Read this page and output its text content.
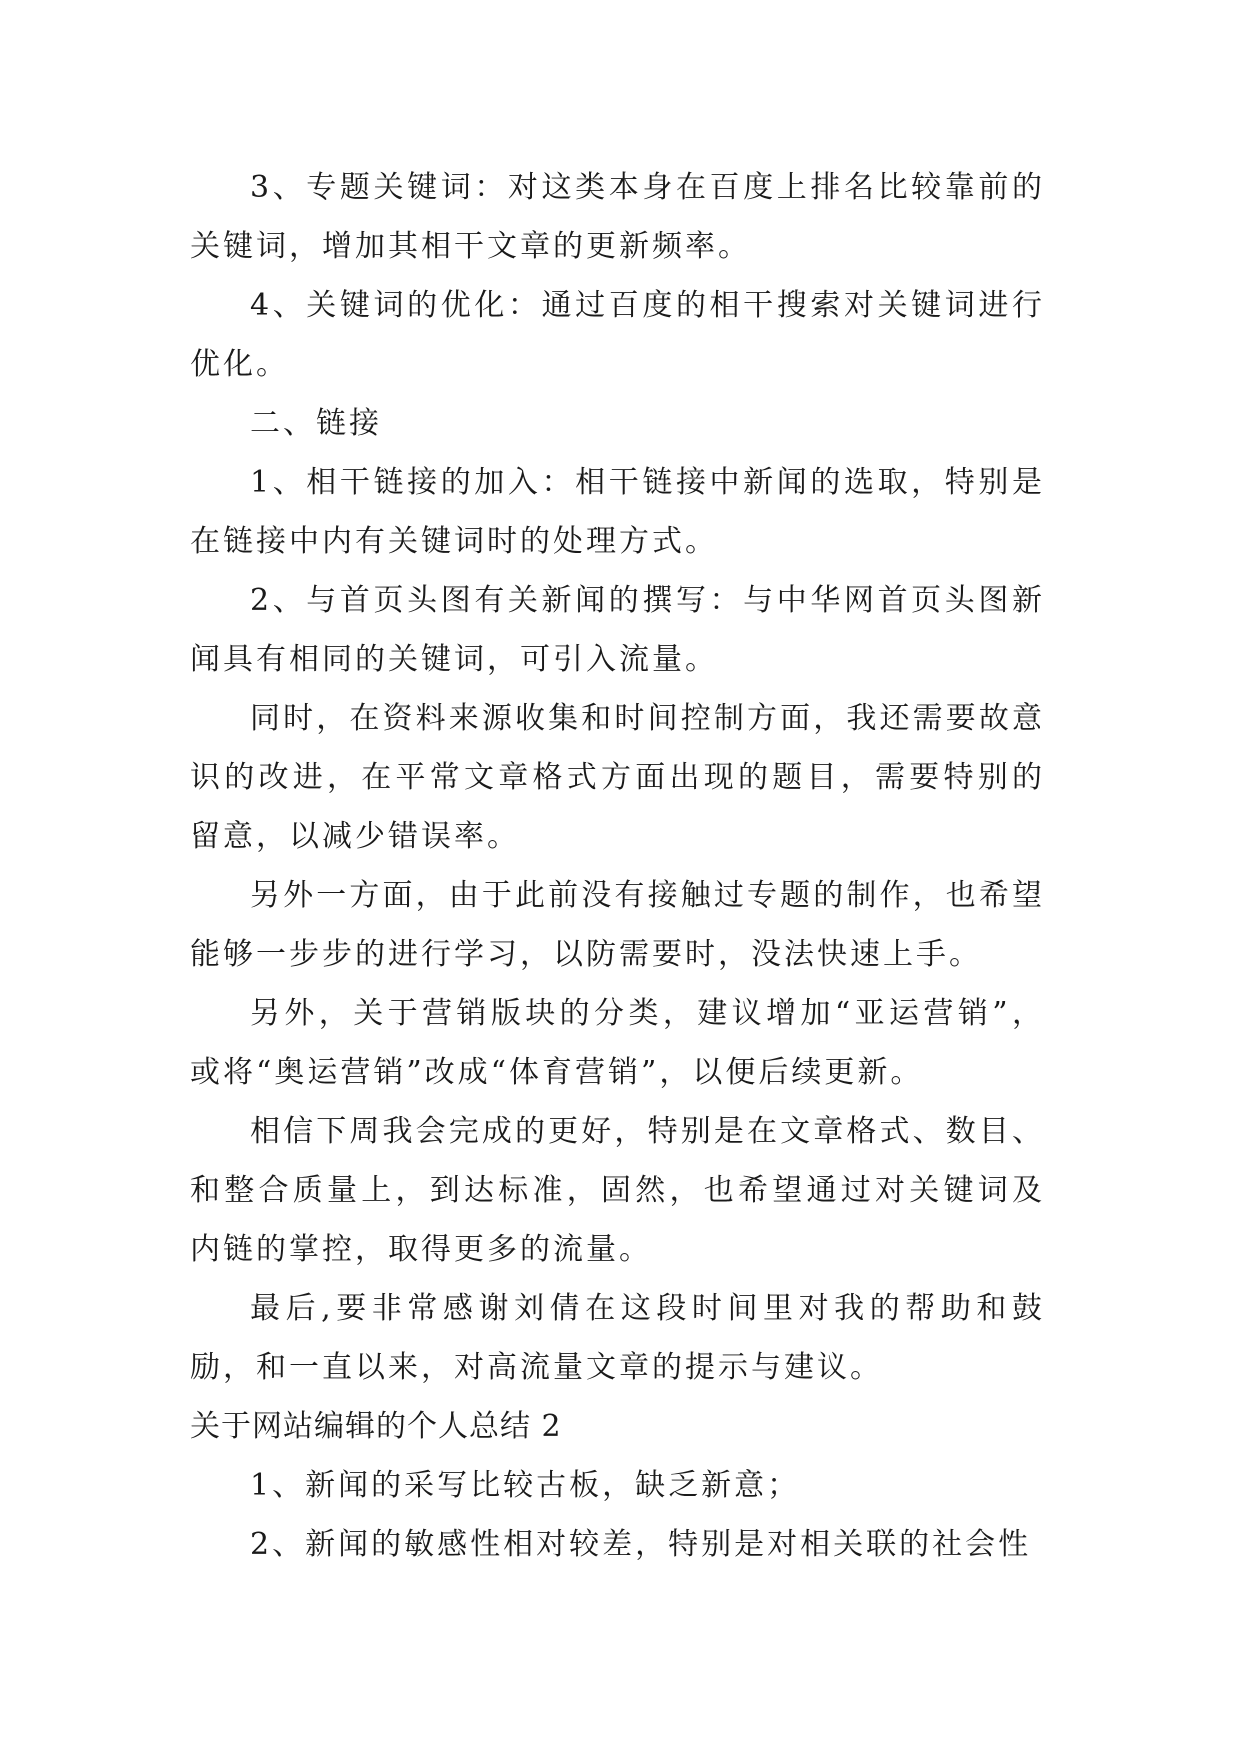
3、专题关键词：对这类本身在百度上排名比较靠前的关键词，增加其相干文章的更新频率。

4、关键词的优化：通过百度的相干搜索对关键词进行优化。

二、链接

1、相干链接的加入：相干链接中新闻的选取，特别是在链接中内有关键词时的处理方式。

2、与首页头图有关新闻的撰写：与中华网首页头图新闻具有相同的关键词，可引入流量。

同时，在资料来源收集和时间控制方面，我还需要故意识的改进，在平常文章格式方面出现的题目，需要特别的留意，以减少错误率。

另外一方面，由于此前没有接触过专题的制作，也希望能够一步步的进行学习，以防需要时，没法快速上手。

另外，关于营销版块的分类，建议增加“亚运营销”，或将“奥运营销”改成“体育营销”，以便后续更新。

相信下周我会完成的更好，特别是在文章格式、数目、和整合质量上，到达标准，固然，也希望通过对关键词及内链的掌控，取得更多的流量。

最后,要非常感谢刘倩在这段时间里对我的帮助和鼓励，和一直以来，对高流量文章的提示与建议。

关于网站编辑的个人总结 2

1、新闻的采写比较古板，缺乏新意；

2、新闻的敏感性相对较差，特别是对相关联的社会性
